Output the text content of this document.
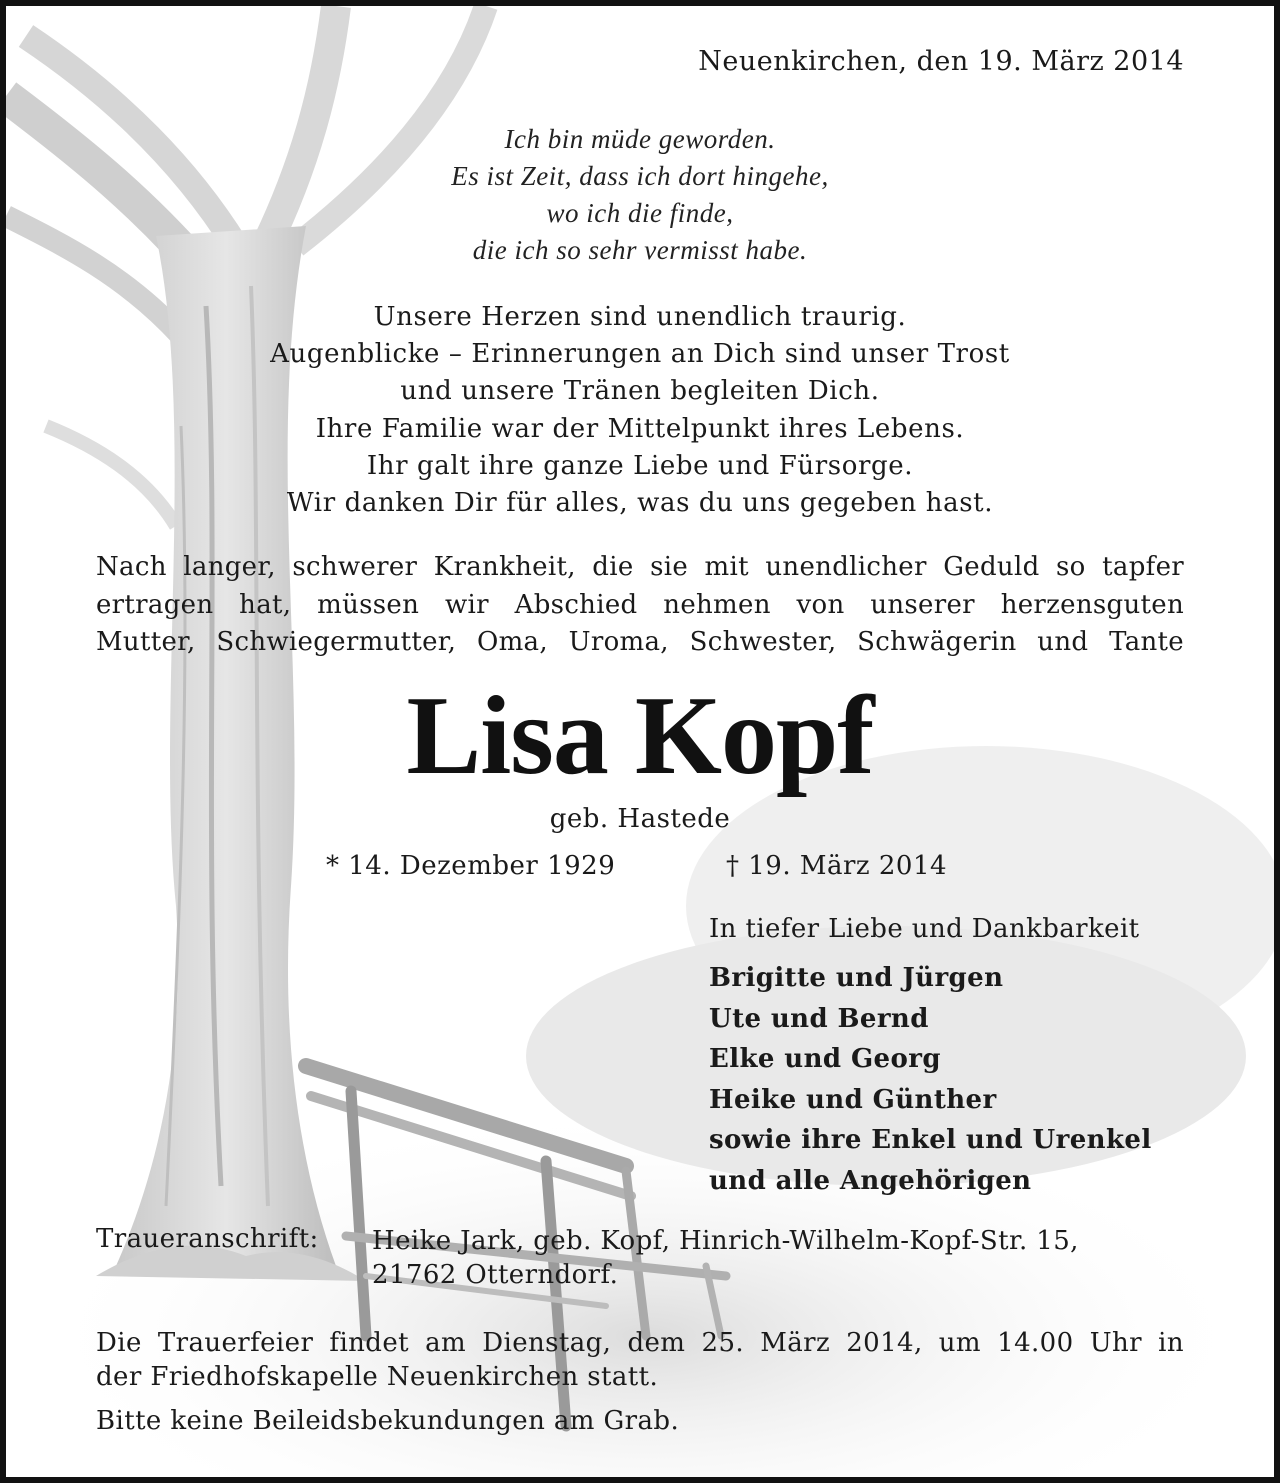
Neuenkirchen, den 19. März 2014

Ich bin müde geworden.
Es ist Zeit, dass ich dort hingehe,
wo ich die finde,
die ich so sehr vermisst habe.
Unsere Herzen sind unendlich traurig.
Augenblicke – Erinnerungen an Dich sind unser Trost
und unsere Tränen begleiten Dich.
Ihre Familie war der Mittelpunkt ihres Lebens.
Ihr galt ihre ganze Liebe und Fürsorge.
Wir danken Dir für alles, was du uns gegeben hast.
Nach langer, schwerer Krankheit, die sie mit unendlicher Geduld so tapfer
ertragen hat, müssen wir Abschied nehmen von unserer herzensguten
Mutter, Schwiegermutter, Oma, Uroma, Schwester, Schwägerin und Tante
Lisa Kopf

geb. Hastede

* 14. Dezember 1929	† 19. März 2014

In tiefer Liebe und Dankbarkeit

Brigitte und Jürgen
Ute und Bernd
Elke und Georg
Heike und Günther
sowie ihre Enkel und Urenkel
und alle Angehörigen

Traueranschrift: Heike Jark, geb. Kopf, Hinrich-Wilhelm-Kopf-Str. 15,
21762 Otterndorf.
Die Trauerfeier findet am Dienstag, dem 25. März 2014, um 14.00 Uhr in
der Friedhofskapelle Neuenkirchen statt.

Bitte keine Beileidsbekundungen am Grab.
